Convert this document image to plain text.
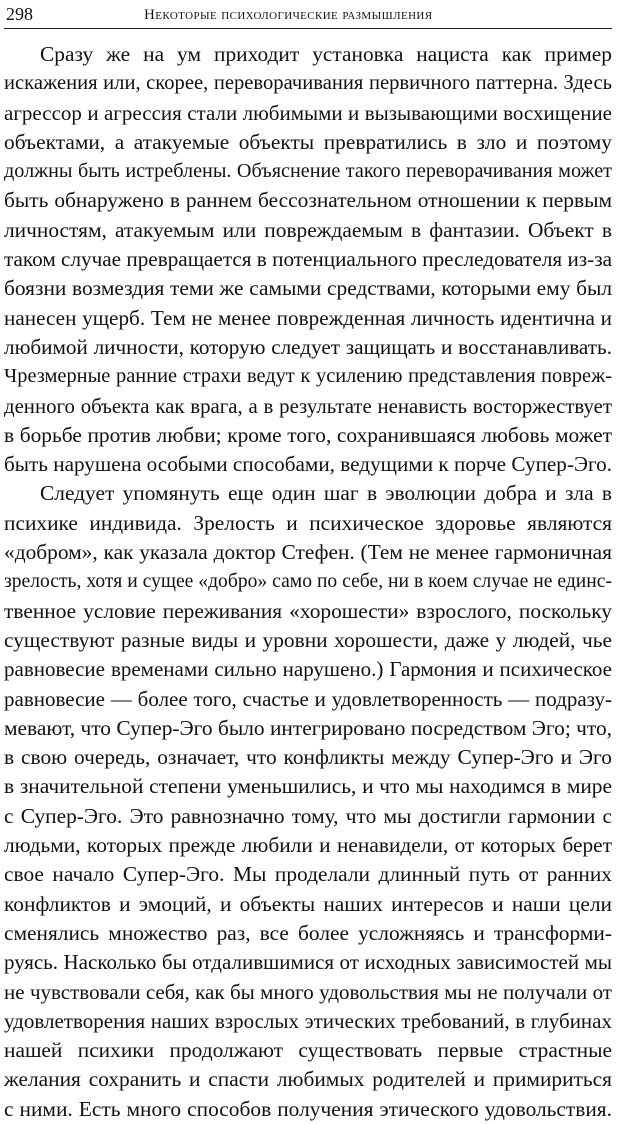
298	Некоторые психологические размышления
Сразу же на ум приходит установка нациста как пример
искажения или, скорее, переворачивания первичного паттерна. Здесь
агрессор и агрессия стали любимыми и вызывающими восхищение
объектами, а атакуемые объекты превратились в зло и поэтому
должны быть истреблены. Объяснение такого переворачивания может
быть обнаружено в раннем бессознательном отношении к первым
личностям, атакуемым или повреждаемым в фантазии. Объект в
таком случае превращается в потенциального преследователя из-за
боязни возмездия теми же самыми средствами, которыми ему был
нанесен ущерб. Тем не менее поврежденная личность идентична и
любимой личности, которую следует защищать и восстанавливать.
Чрезмерные ранние страхи ведут к усилению представления повреж-
денного объекта как врага, а в результате ненависть восторжествует
в борьбе против любви; кроме того, сохранившаяся любовь может
быть нарушена особыми способами, ведущими к порче Супер-Эго.
Следует упомянуть еще один шаг в эволюции добра и зла в
психике индивида. Зрелость и психическое здоровье являются
«добром», как указала доктор Стефен. (Тем не менее гармоничная
зрелость, хотя и сущее «добро» само по себе, ни в коем случае не единс-
твенное условие переживания «хорошести» взрослого, поскольку
существуют разные виды и уровни хорошести, даже у людей, чье
равновесие временами сильно нарушено.) Гармония и психическое
равновесие — более того, счастье и удовлетворенность — подразу-
мевают, что Супер-Эго было интегрировано посредством Эго; что,
в свою очередь, означает, что конфликты между Супер-Эго и Эго
в значительной степени уменьшились, и что мы находимся в мире
с Супер-Эго. Это равнозначно тому, что мы достигли гармонии с
людьми, которых прежде любили и ненавидели, от которых берет
свое начало Супер-Эго. Мы проделали длинный путь от ранних
конфликтов и эмоций, и объекты наших интересов и наши цели
сменялись множество раз, все более усложняясь и трансформи-
руясь. Насколько бы отдалившимися от исходных зависимостей мы
не чувствовали себя, как бы много удовольствия мы не получали от
удовлетворения наших взрослых этических требований, в глубинах
нашей психики продолжают существовать первые страстные
желания сохранить и спасти любимых родителей и примириться
с ними. Есть много способов получения этического удовольствия.
